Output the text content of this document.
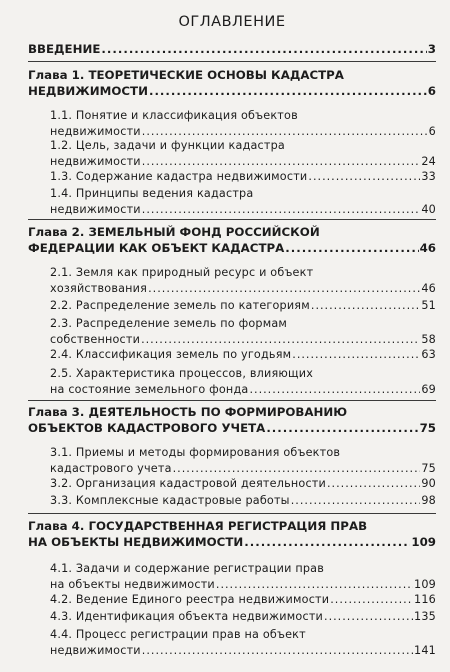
ОГЛАВЛЕНИЕ
ВВЕДЕНИЕ .....	3
Глава 1. ТЕОРЕТИЧЕСКИЕ ОСНОВЫ КАДАСТРА
НЕДВИЖИМОСТИ .....	6
1.1. Понятие и классификация объектов
недвижимости .....	6
1.2. Цель, задачи и функции кадастра
недвижимости .....	24
1.3. Содержание кадастра недвижимости .....	33
1.4. Принципы ведения кадастра
недвижимости .....	40
Глава 2. ЗЕМЕЛЬНЫЙ ФОНД РОССИЙСКОЙ
ФЕДЕРАЦИИ КАК ОБЪЕКТ КАДАСТРА .....	46
2.1. Земля как природный ресурс и объект
хозяйствования .....	46
2.2. Распределение земель по категориям .....	51
2.3. Распределение земель по формам
собственности .....	58
2.4. Классификация земель по угодьям .....	63
2.5. Характеристика процессов, влияющих
на состояние земельного фонда .....	69
Глава 3. ДЕЯТЕЛЬНОСТЬ ПО ФОРМИРОВАНИЮ
ОБЪЕКТОВ КАДАСТРОВОГО УЧЕТА .....	75
3.1. Приемы и методы формирования объектов
кадастрового учета .....	75
3.2. Организация кадастровой деятельности .....	90
3.3. Комплексные кадастровые работы .....	98
Глава 4. ГОСУДАРСТВЕННАЯ РЕГИСТРАЦИЯ ПРАВ
НА ОБЪЕКТЫ НЕДВИЖИМОСТИ .....	109
4.1. Задачи и содержание регистрации прав
на объекты недвижимости .....	109
4.2. Ведение Единого реестра недвижимости .....	116
4.3. Идентификация объекта недвижимости .....	135
4.4. Процесс регистрации прав на объект
недвижимости .....	141
